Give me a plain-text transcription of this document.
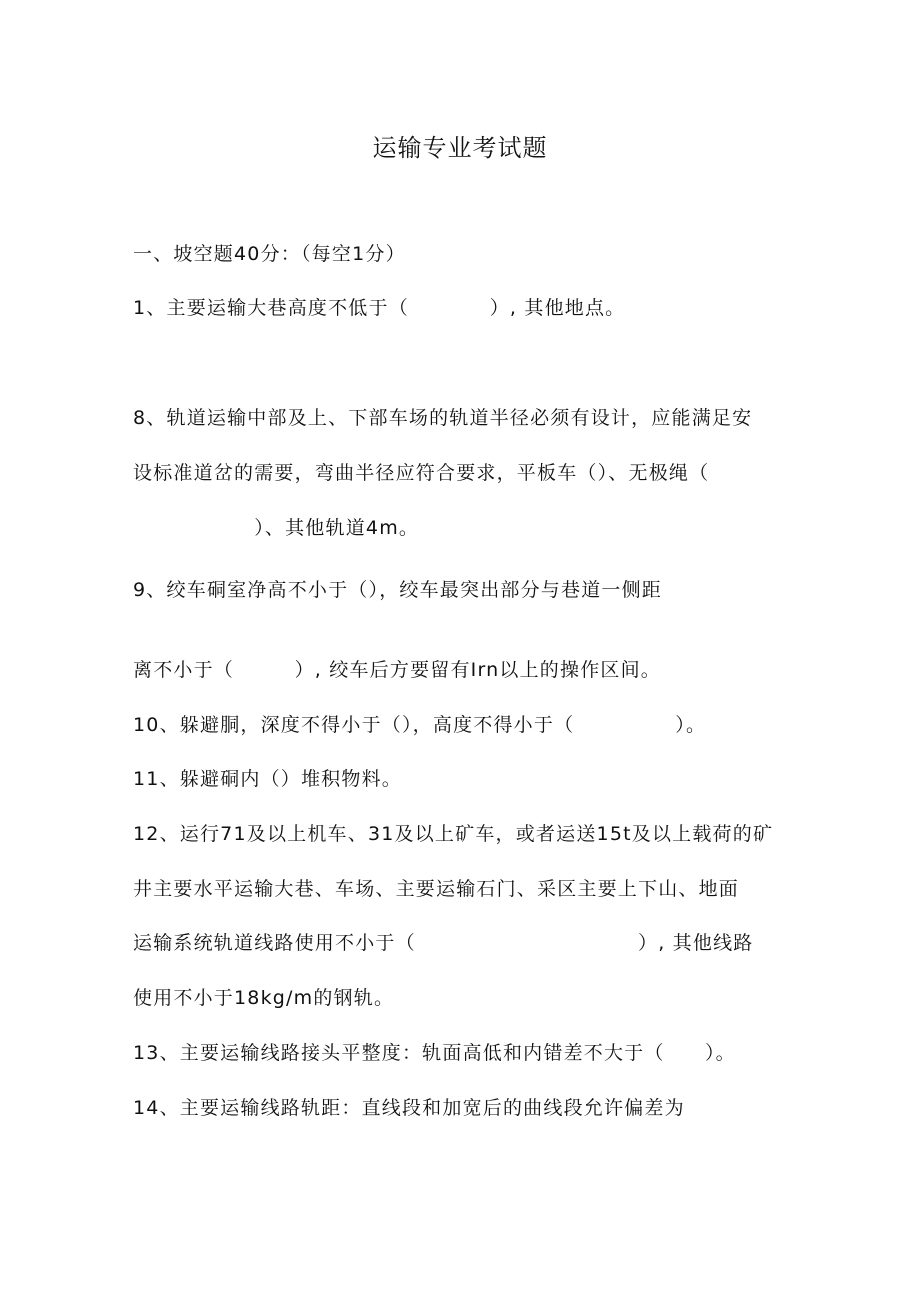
运输专业考试题
一、坡空题40分：（每空1分）
1、主要运输大巷高度不低于（　　　　）, 其他地点。
8、轨道运输中部及上、下部车场的轨道半径必须有设计，应能满足安
设标准道岔的需要，弯曲半径应符合要求，平板车（）、无极绳（
　　　　　　）、其他轨道4m。
9、绞车硐室净高不小于（），绞车最突出部分与巷道一侧距
离不小于（　　　）, 绞车后方要留有Irn以上的操作区间。
10、躲避胴，深度不得小于（），高度不得小于（　　　　　）。
11、躲避硐内（）堆积物料。
12、运行71及以上机车、31及以上矿车，或者运送15t及以上载荷的矿
井主要水平运输大巷、车场、主要运输石门、采区主要上下山、地面
运输系统轨道线路使用不小于（　　　　　　　　　　　）, 其他线路
使用不小于18kg/m的钢轨。
13、主要运输线路接头平整度：轨面高低和内错差不大于（　　）。
14、主要运输线路轨距：直线段和加宽后的曲线段允许偏差为
